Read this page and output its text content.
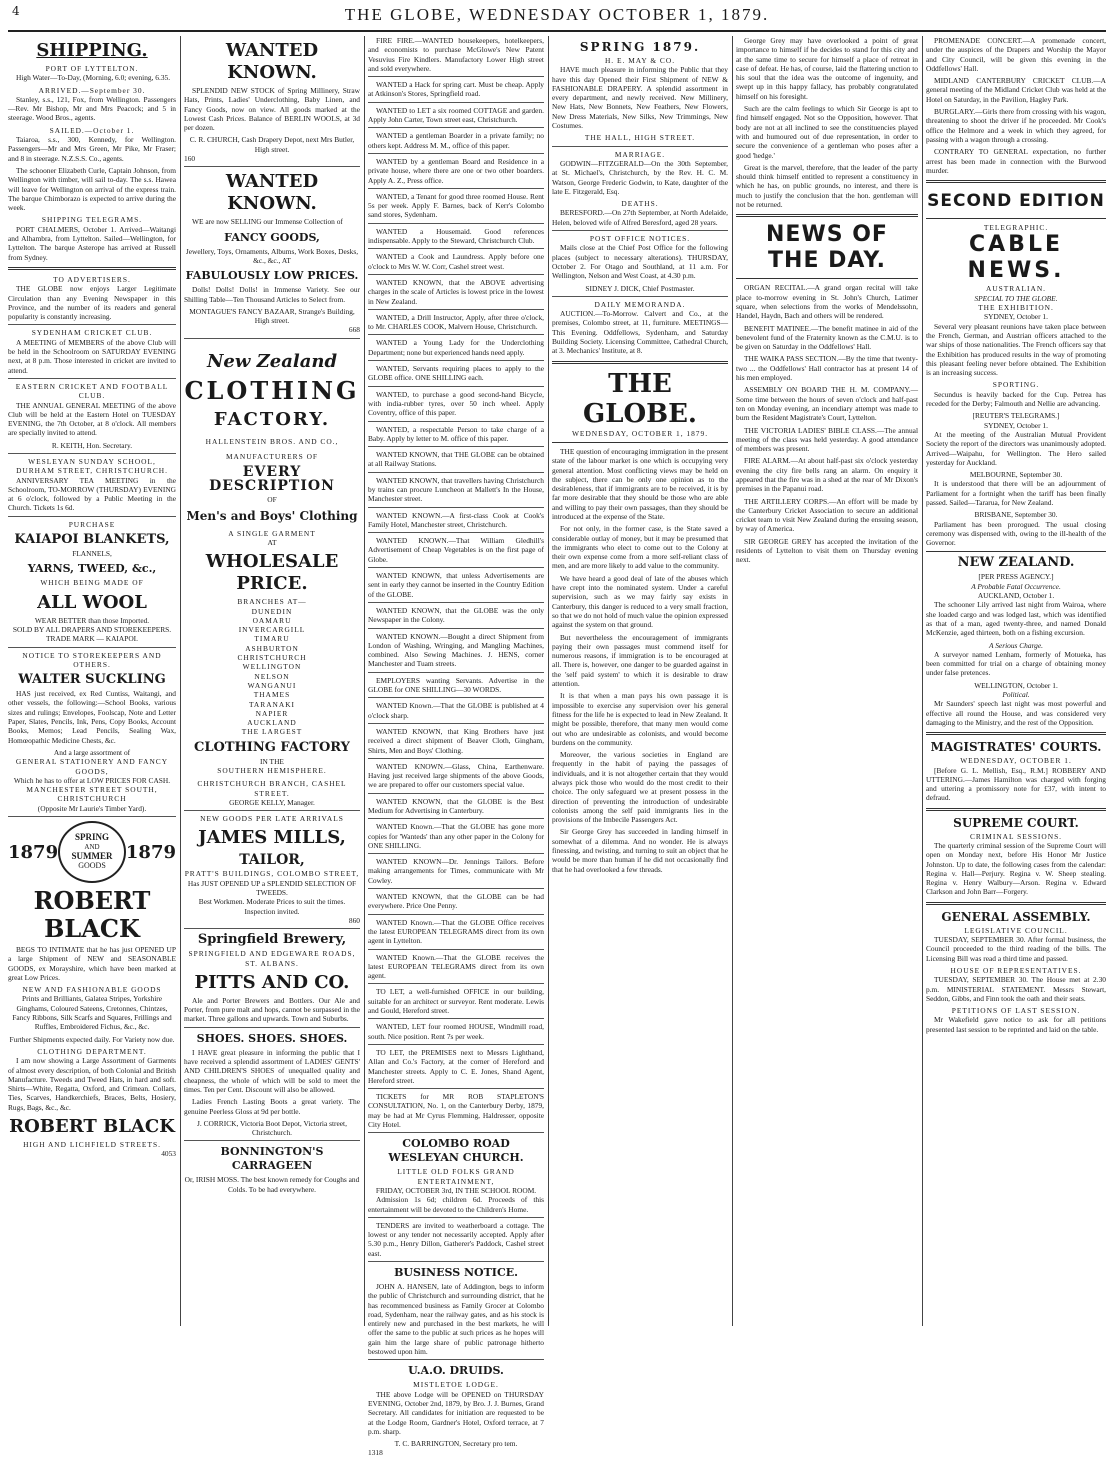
4	THE GLOBE, WEDNESDAY OCTOBER 1, 1879.
SHIPPING.
PORT OF LYTTELTON.

High Water—To-Day, (Morning, 6.0; evening, 6.35.

ARRIVED.—September 30.

Stanley, s.s., 121, Fox, from Wellington. Passengers—Rev. Mr Bishop, Mr and Mrs Peacock; and 5 in steerage. Wood Bros., agents.

SAILED.—October 1.

Taiaroa, s.s., 300, Kennedy, for Wellington. Passengers—Mr and Mrs Green, Mr Pike, Mr Fraser; and 8 in steerage. N.Z.S.S. Co., agents.

The schooner Elizabeth Curle, Captain Johnson, from Wellington with timber, will sail to-day. The s.s. Hawea will leave for Wellington on arrival of the express train. The barque Chimborazo is expected to arrive during the week.

SHIPPING TELEGRAMS.

PORT CHALMERS, October 1. Arrived—Waitangi and Alhambra, from Lyttelton. Sailed—Wellington, for Lyttelton. The barque Asterope has arrived at Russell from Sydney.

TO ADVERTISERS.

THE GLOBE now enjoys Larger Legitimate Circulation than any Evening Newspaper in this Province, and the number of its readers and general popularity is constantly increasing.

SYDENHAM CRICKET CLUB.

A MEETING of MEMBERS of the above Club will be held in the Schoolroom on SATURDAY EVENING next, at 8 p.m. Those interested in cricket are invited to attend.

EASTERN CRICKET AND FOOTBALL CLUB.

THE ANNUAL GENERAL MEETING of the above Club will be held at the Eastern Hotel on TUESDAY EVENING, the 7th October, at 8 o'clock. All members are specially invited to attend.

R. KEITH, Hon. Secretary.
WESLEYAN SUNDAY SCHOOL, DURHAM STREET, CHRISTCHURCH.

ANNIVERSARY TEA MEETING in the Schoolroom, TO-MORROW (THURSDAY) EVENING at 6 o'clock, followed by a Public Meeting in the Church. Tickets 1s 6d.

PURCHASE
KAIAPOI BLANKETS,
FLANNELS,
YARNS, TWEED, &c.,
WHICH BEING MADE OF
ALL WOOL
WEAR BETTER than those Imported.
SOLD BY ALL DRAPERS AND STOREKEEPERS.
TRADE MARK — KAIAPOI.
NOTICE TO STOREKEEPERS AND OTHERS.
WALTER SUCKLING

HAS just received, ex Red Cuntiss, Waitangi, and other vessels, the following:—School Books, various sizes and rulings; Envelopes, Foolscap, Note and Letter Paper, Slates, Pencils, Ink, Pens, Copy Books, Account Books, Memos; Lead Pencils, Sealing Wax, Homœopathic Medicine Chests, &c.

And a large assortment of
GENERAL STATIONERY AND FANCY GOODS,
Which he has to offer at LOW PRICES FOR CASH.
MANCHESTER STREET SOUTH, CHRISTCHURCH
(Opposite Mr Laurie's Timber Yard).
1879
SPRING
AND
SUMMER
GOODS
1879
ROBERT BLACK

BEGS TO INTIMATE that he has just OPENED UP a large Shipment of NEW and SEASONABLE GOODS, ex Morayshire, which have been marked at great Low Prices.

NEW AND FASHIONABLE GOODS

Prints and Brilliants, Galatea Stripes, Yorkshire Ginghams, Coloured Sateens, Cretonnes, Chintzes, Fancy Ribbons, Silk Scarfs and Squares, Frillings and Ruffles, Embroidered Fichus, &c., &c.

Further Shipments expected daily. For Variety now due.

CLOTHING DEPARTMENT.

I am now showing a Large Assortment of Garments of almost every description, of both Colonial and British Manufacture. Tweeds and Tweed Hats, in hard and soft. Shirts—White, Regatta, Oxford, and Crimean. Collars, Ties, Scarves, Handkerchiefs, Braces, Belts, Hosiery, Rugs, Bags, &c., &c.

ROBERT BLACK
HIGH AND LICHFIELD STREETS.
4053
WANTED KNOWN.

SPLENDID NEW STOCK of Spring Millinery, Straw Hats, Prints, Ladies' Underclothing, Baby Linen, and Fancy Goods, now on view. All goods marked at the Lowest Cash Prices. Balance of BERLIN WOOLS, at 3d per dozen.

C. R. CHURCH, Cash Drapery Depot, next Mrs Butler, High street.
160
WANTED KNOWN.

WE are now SELLING our Immense Collection of

FANCY GOODS,

Jewellery, Toys, Ornaments, Albums, Work Boxes, Desks, &c., &c., AT

FABULOUSLY LOW PRICES.

Dolls! Dolls! Dolls! in Immense Variety. See our Shilling Table—Ten Thousand Articles to Select from.

MONTAGUE'S FANCY BAZAAR, Strange's Building, High street.
668
New Zealand
CLOTHING
FACTORY.
HALLENSTEIN BROS. AND CO.,
MANUFACTURERS OF
EVERY DESCRIPTION
OF
Men's and Boys' Clothing
A SINGLE GARMENT
AT
WHOLESALE PRICE.
BRANCHES AT—
DUNEDIN
OAMARU
INVERCARGILL
TIMARU
ASHBURTON
CHRISTCHURCH
WELLINGTON
NELSON
WANGANUI
THAMES
TARANAKI
NAPIER
AUCKLAND
THE LARGEST
CLOTHING FACTORY
IN THE
SOUTHERN HEMISPHERE.
CHRISTCHURCH BRANCH, CASHEL STREET.
GEORGE KELLY, Manager.
NEW GOODS PER LATE ARRIVALS
JAMES MILLS,
TAILOR,
PRATT'S BUILDINGS, COLOMBO STREET,
Has JUST OPENED UP a SPLENDID SELECTION OF TWEEDS.
Best Workmen. Moderate Prices to suit the times. Inspection invited.
860
Springfield Brewery,
SPRINGFIELD AND EDGEWARE ROADS, ST. ALBANS.
PITTS AND CO.

Ale and Porter Brewers and Bottlers. Our Ale and Porter, from pure malt and hops, cannot be surpassed in the market. Three gallons and upwards. Town and Suburbs.

SHOES. SHOES. SHOES.

I HAVE great pleasure in informing the public that I have received a splendid assortment of LADIES' GENTS' AND CHILDREN'S SHOES of unequalled quality and cheapness, the whole of which will be sold to meet the times. Ten per Cent. Discount will also be allowed.

Ladies French Lasting Boots a great variety. The genuine Peerless Gloss at 9d per bottle.

J. CORRICK, Victoria Boot Depot, Victoria street, Christchurch.
BONNINGTON'S CARRAGEEN
Or, IRISH MOSS. The best known remedy for Coughs and Colds. To be had everywhere.

FIRE FIRE.—WANTED housekeepers, hotelkeepers, and economists to purchase McGlowe's New Patent Vesuvius Fire Kindlers. Manufactory Lower High street and sold everywhere.

WANTED a Hack for spring cart. Must be cheap. Apply at Atkinson's Stores, Springfield road.

WANTED to LET a six roomed COTTAGE and garden. Apply John Carter, Town street east, Christchurch.

WANTED a gentleman Boarder in a private family; no others kept. Address M. M., office of this paper.

WANTED by a gentleman Board and Residence in a private house, where there are one or two other boarders. Apply A. Z., Press office.

WANTED, a Tenant for good three roomed House. Rent 5s per week. Apply F. Barnes, back of Kerr's Colombo sand stores, Sydenham.

WANTED a Housemaid. Good references indispensable. Apply to the Steward, Christchurch Club.

WANTED a Cook and Laundress. Apply before one o'clock to Mrs W. W. Corr, Cashel street west.

WANTED KNOWN, that the ABOVE advertising charges in the scale of Articles is lowest price in the lowest in New Zealand.

WANTED, a Drill Instructor, Apply, after three o'clock, to Mr. CHARLES COOK, Malvern House, Christchurch.

WANTED a Young Lady for the Underclothing Department; none but experienced hands need apply.

WANTED, Servants requiring places to apply to the GLOBE office. ONE SHILLING each.

WANTED, to purchase a good second-hand Bicycle, with india-rubber tyres, over 50 inch wheel. Apply Coventry, office of this paper.

WANTED, a respectable Person to take charge of a Baby. Apply by letter to M. office of this paper.

WANTED KNOWN, that THE GLOBE can be obtained at all Railway Stations.

WANTED KNOWN, that travellers having Christchurch by trains can procure Luncheon at Mallett's In the House, Manchester street.

WANTED KNOWN.—A first-class Cook at Cook's Family Hotel, Manchester street, Christchurch.

WANTED KNOWN.—That William Gledhill's Advertisement of Cheap Vegetables is on the first page of Globe.

WANTED KNOWN, that unless Advertisements are sent in early they cannot be inserted in the Country Edition of the GLOBE.

WANTED KNOWN, that the GLOBE was the only Newspaper in the Colony.

WANTED KNOWN.—Bought a direct Shipment from London of Washing, Wringing, and Mangling Machines, combined. Also Sewing Machines. J. HENS, corner Manchester and Tuam streets.

EMPLOYERS wanting Servants. Advertise in the GLOBE for ONE SHILLING—30 WORDS.

WANTED Known.—That the GLOBE is published at 4 o'clock sharp.

WANTED KNOWN, that King Brothers have just received a direct shipment of Beaver Cloth, Gingham, Shirts, Men and Boys' Clothing.

WANTED KNOWN.—Glass, China, Earthenware. Having just received large shipments of the above Goods, we are prepared to offer our customers special value.

WANTED KNOWN, that the GLOBE is the Best Medium for Advertising in Canterbury.

WANTED Known.—That the GLOBE has gone more copies for 'Wanteds' than any other paper in the Colony for ONE SHILLING.

WANTED KNOWN—Dr. Jennings Tailors. Before making arrangements for Times, communicate with Mr Cowley.

WANTED KNOWN, that the GLOBE can be had everywhere. Price One Penny.

WANTED Known.—That the GLOBE Office receives the latest EUROPEAN TELEGRAMS direct from its own agent in Lyttelton.

WANTED Known.—That the GLOBE receives the latest EUROPEAN TELEGRAMS direct from its own agent.

TO LET, a well-furnished OFFICE in our building, suitable for an architect or surveyor. Rent moderate. Lewis and Gould, Hereford street.

WANTED, LET four roomed HOUSE, Windmill road, south. Nice position. Rent 7s per week.

TO LET, the PREMISES next to Messrs Lighthand, Allan and Co.'s Factory, at the corner of Hereford and Manchester streets. Apply to C. E. Jones, Shand Agent, Hereford street.

TICKETS for MR ROB STAPLETON'S CONSULTATION, No. 1, on the Canterbury Derby, 1879, may be had at Mr Cyrus Flemming, Haldresser, opposite City Hotel.

COLOMBO ROAD WESLEYAN CHURCH.
LITTLE OLD FOLKS GRAND ENTERTAINMENT,
FRIDAY, OCTOBER 3rd, IN THE SCHOOL ROOM.

Admission 1s 6d; children 6d. Proceeds of this entertainment will be devoted to the Children's Home.

TENDERS are invited to weatherboard a cottage. The lowest or any tender not necessarily accepted. Apply after 5.30 p.m., Henry Dillon, Gatherer's Paddock, Cashel street east.

BUSINESS NOTICE.

JOHN A. HANSEN, late of Addington, begs to inform the public of Christchurch and surrounding district, that he has recommenced business as Family Grocer at Colombo road, Sydenham, near the railway gates, and as his stock is entirely new and purchased in the best markets, he will offer the same to the public at such prices as he hopes will gain him the large share of public patronage hitherto bestowed upon him.

U.A.O. DRUIDS.
MISTLETOE LODGE.

THE above Lodge will be OPENED on THURSDAY EVENING, October 2nd, 1879, by Bro. J. J. Burnes, Grand Secretary. All candidates for initiation are requested to be at the Lodge Room, Gardner's Hotel, Oxford terrace, at 7 p.m. sharp.

T. C. BARRINGTON, Secretary pro tem.
1318
SPRING 1879.
H. E. MAY & CO.

HAVE much pleasure in informing the Public that they have this day Opened their First Shipment of NEW & FASHIONABLE DRAPERY. A splendid assortment in every department, and newly received. New Millinery, New Hats, New Bonnets, New Feathers, New Flowers, New Dress Materials, New Silks, New Trimmings, New Costumes.

THE HALL, HIGH STREET.
MARRIAGE.

GODWIN—FITZGERALD—On the 30th September, at St. Michael's, Christchurch, by the Rev. H. C. M. Watson, George Frederic Godwin, to Kate, daughter of the late E. Fitzgerald, Esq.

DEATHS.

BERESFORD.—On 27th September, at North Adelaide, Helen, beloved wife of Alfred Beresford, aged 28 years.

POST OFFICE NOTICES.

Mails close at the Chief Post Office for the following places (subject to necessary alterations). THURSDAY, October 2. For Otago and Southland, at 11 a.m. For Wellington, Nelson and West Coast, at 4.30 p.m.

SIDNEY J. DICK, Chief Postmaster.
DAILY MEMORANDA.

AUCTION.—To-Morrow. Calvert and Co., at the premises, Colombo street, at 11, furniture. MEETINGS—This Evening. Oddfellows, Sydenham, and Saturday Building Society. Licensing Committee, Cathedral Church, at 3. Mechanics' Institute, at 8.

THE GLOBE.
WEDNESDAY, OCTOBER 1, 1879.

THE question of encouraging immigration in the present state of the labour market is one which is occupying very general attention. Most conflicting views may be held on the subject, there can be only one opinion as to the desirableness, that if immigrants are to be received, it is by far more desirable that they should be those who are able and willing to pay their own passages, than they should be introduced at the expense of the State.

For not only, in the former case, is the State saved a considerable outlay of money, but it may be presumed that the immigrants who elect to come out to the Colony at their own expense come from a more self-reliant class of men, and are more likely to add value to the community.

We have heard a good deal of late of the abuses which have crept into the nominated system. Under a careful supervision, such as we may fairly say exists in Canterbury, this danger is reduced to a very small fraction, so that we do not hold of much value the opinion expressed against the system on that ground.

But nevertheless the encouragement of immigrants paying their own passages must commend itself for numerous reasons, if immigration is to be encouraged at all. There is, however, one danger to be guarded against in the 'self paid system' to which it is desirable to draw attention.

It is that when a man pays his own passage it is impossible to exercise any supervision over his general fitness for the life he is expected to lead in New Zealand. It might be possible, therefore, that many men would come out who are undesirable as colonists, and would become burdens on the community.

Moreover, the various societies in England are frequently in the habit of paying the passages of individuals, and it is not altogether certain that they would always pick those who would do the most credit to their choice. The only safeguard we at present possess in the direction of preventing the introduction of undesirable colonists among the self paid immigrants lies in the provisions of the Imbecile Passengers Act.

Sir George Grey has succeeded in landing himself in somewhat of a dilemma. And no wonder. He is always finessing, and twisting, and turning to suit an object that he would be more than human if he did not occasionally find that he had overlooked a few threads.

George Grey may have overlooked a point of great importance to himself if he decides to stand for this city and at the same time to secure for himself a place of retreat in case of defeat. He has, of course, laid the flattering unction to his soul that the idea was the outcome of ingenuity, and swept up in this happy fallacy, has probably congratulated himself on his foresight.

Such are the calm feelings to which Sir George is apt to find himself engaged. Not so the Opposition, however. That body are not at all inclined to see the constituencies played with and humoured out of due representation, in order to secure the convenience of a gentleman who poses after a good 'hedge.'

Great is the marvel, therefore, that the leader of the party should think himself entitled to represent a constituency in which he has, on public grounds, no interest, and there is much to justify the conclusion that the hon. gentleman will not be returned.

NEWS OF THE DAY.

ORGAN RECITAL.—A grand organ recital will take place to-morrow evening in St. John's Church, Latimer square, when selections from the works of Mendelssohn, Handel, Haydn, Bach and others will be rendered.

BENEFIT MATINEE.—The benefit matinee in aid of the benevolent fund of the Fraternity known as the C.M.U. is to be given on Saturday in the Oddfellows' Hall.

THE WAIKA PASS SECTION.—By the time that twenty-two ... the Oddfellows' Hall contractor has at present 14 of his men employed.

ASSEMBLY ON BOARD THE H. M. COMPANY.—Some time between the hours of seven o'clock and half-past ten on Monday evening, an incendiary attempt was made to burn the Resident Magistrate's Court, Lyttelton.

THE VICTORIA LADIES' BIBLE CLASS.—The annual meeting of the class was held yesterday. A good attendance of members was present.

FIRE ALARM.—At about half-past six o'clock yesterday evening the city fire bells rang an alarm. On enquiry it appeared that the fire was in a shed at the rear of Mr Dixon's premises in the Papanui road.

THE ARTILLERY CORPS.—An effort will be made by the Canterbury Cricket Association to secure an additional cricket team to visit New Zealand during the ensuing season, by way of America.

SIR GEORGE GREY has accepted the invitation of the residents of Lyttelton to visit them on Thursday evening next.

PROMENADE CONCERT.—A promenade concert, under the auspices of the Drapers and Worship the Mayor and City Council, will be given this evening in the Oddfellows' Hall.

MIDLAND CANTERBURY CRICKET CLUB.—A general meeting of the Midland Cricket Club was held at the Hotel on Saturday, in the Pavilion, Hagley Park.

BURGLARY.—Girls there from crossing with his wagon, threatening to shoot the driver if he proceeded. Mr Cook's office the Helmore and a week in which they agreed, for passing with a wagon through a crossing.

CONTRARY TO GENERAL expectation, no further arrest has been made in connection with the Burwood murder.

SECOND EDITION
TELEGRAPHIC.
CABLE NEWS.
AUSTRALIAN.
SPECIAL TO THE GLOBE.
THE EXHIBITION.
SYDNEY, October 1.

Several very pleasant reunions have taken place between the French, German, and Austrian officers attached to the war ships of those nationalities. The French officers say that the Exhibition has produced results in the way of promoting this pleasant feeling never before obtained. The Exhibition is an increasing success.

SPORTING.

Secundus is heavily backed for the Cup. Petrea has receded for the Derby; Falmouth and Nellie are advancing.

[REUTER'S TELEGRAMS.]
SYDNEY, October 1.

At the meeting of the Australian Mutual Provident Society the report of the directors was unanimously adopted. Arrived—Waipahu, for Wellington. The Hero sailed yesterday for Auckland.

MELBOURNE, September 30.

It is understood that there will be an adjournment of Parliament for a fortnight when the tariff has been finally passed. Sailed—Tararua, for New Zealand.

BRISBANE, September 30.

Parliament has been prorogued. The usual closing ceremony was dispensed with, owing to the ill-health of the Governor.

NEW ZEALAND.
[PER PRESS AGENCY.]
A Probable Fatal Occurrence.
AUCKLAND, October 1.

The schooner Lily arrived last night from Wairoa, where she loaded cargo and was lodged last, which was identified as that of a man, aged twenty-three, and named Donald McKenzie, aged thirteen, both on a fishing excursion.

A Serious Charge.

A surveyor named Lenham, formerly of Motueka, has been committed for trial on a charge of obtaining money under false pretences.

WELLINGTON, October 1.
Political.

Mr Saunders' speech last night was most powerful and effective all round the House, and was considered very damaging to the Ministry, and the rest of the Opposition.

MAGISTRATES' COURTS.
WEDNESDAY, OCTOBER 1.

[Before G. L. Mellish, Esq., R.M.] ROBBERY AND UTTERING.—James Hamilton was charged with forging and uttering a promissory note for £37, with intent to defraud.

SUPREME COURT.
CRIMINAL SESSIONS.

The quarterly criminal session of the Supreme Court will open on Monday next, before His Honor Mr Justice Johnston. Up to date, the following cases from the calendar: Regina v. Hall—Perjury. Regina v. W. Sheep stealing. Regina v. Henry Walbury—Arson. Regina v. Edward Clarkson and John Barr—Forgery.

GENERAL ASSEMBLY.
LEGISLATIVE COUNCIL.

TUESDAY, SEPTEMBER 30. After formal business, the Council proceeded to the third reading of the bills. The Licensing Bill was read a third time and passed.

HOUSE OF REPRESENTATIVES.

TUESDAY, SEPTEMBER 30. The House met at 2.30 p.m. MINISTERIAL STATEMENT. Messrs Stewart, Seddon, Gibbs, and Finn took the oath and their seats.

PETITIONS OF LAST SESSION.

Mr Wakefield gave notice to ask for all petitions presented last session to be reprinted and laid on the table.
